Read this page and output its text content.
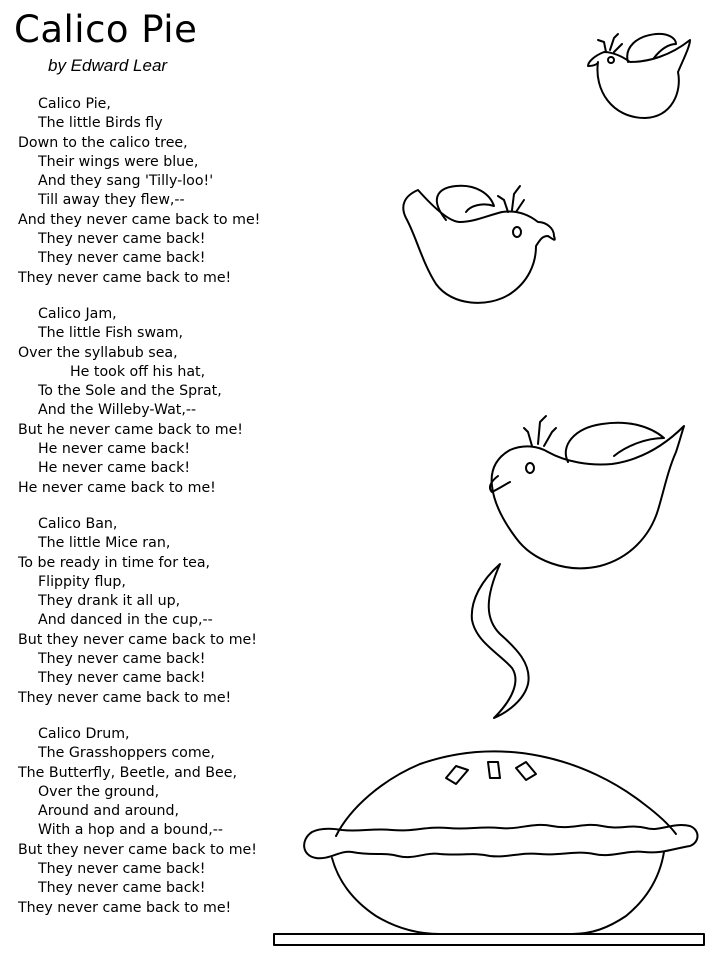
Calico Pie
by Edward Lear
Calico Pie,
The little Birds fly
Down to the calico tree,
Their wings were blue,
And they sang 'Tilly-loo!'
Till away they flew,--
And they never came back to me!
They never came back!
They never came back!
They never came back to me!
Calico Jam,
The little Fish swam,
Over the syllabub sea,
He took off his hat,
To the Sole and the Sprat,
And the Willeby-Wat,--
But he never came back to me!
He never came back!
He never came back!
He never came back to me!
Calico Ban,
The little Mice ran,
To be ready in time for tea,
Flippity flup,
They drank it all up,
And danced in the cup,--
But they never came back to me!
They never came back!
They never came back!
They never came back to me!
Calico Drum,
The Grasshoppers come,
The Butterfly, Beetle, and Bee,
Over the ground,
Around and around,
With a hop and a bound,--
But they never came back to me!
They never came back!
They never came back!
They never came back to me!
